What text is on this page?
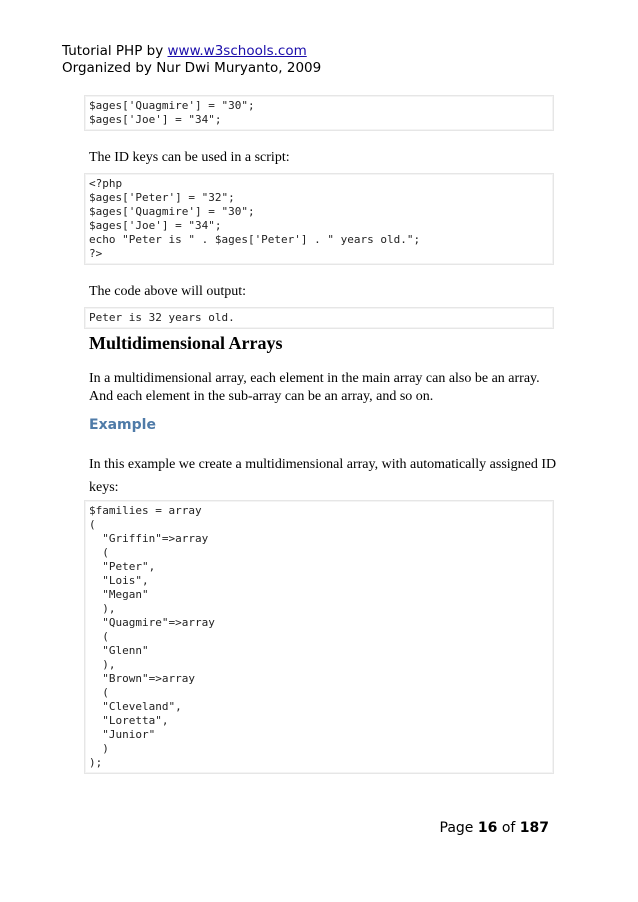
Tutorial PHP by www.w3schools.com
Organized by Nur Dwi Muryanto, 2009
$ages['Quagmire'] = "30";
$ages['Joe'] = "34";
The ID keys can be used in a script:
<?php
$ages['Peter'] = "32";
$ages['Quagmire'] = "30";
$ages['Joe'] = "34";
echo "Peter is " . $ages['Peter'] . " years old.";
?>
The code above will output:
Peter is 32 years old.
Multidimensional Arrays
In a multidimensional array, each element in the main array can also be an array. And each element in the sub-array can be an array, and so on.
Example
In this example we create a multidimensional array, with automatically assigned ID keys:
$families = array
(
"Griffin"=>array
(
"Peter",
"Lois",
"Megan"
),
"Quagmire"=>array
(
"Glenn"
),
"Brown"=>array
(
"Cleveland",
"Loretta",
"Junior"
)
);
Page 16 of 187
